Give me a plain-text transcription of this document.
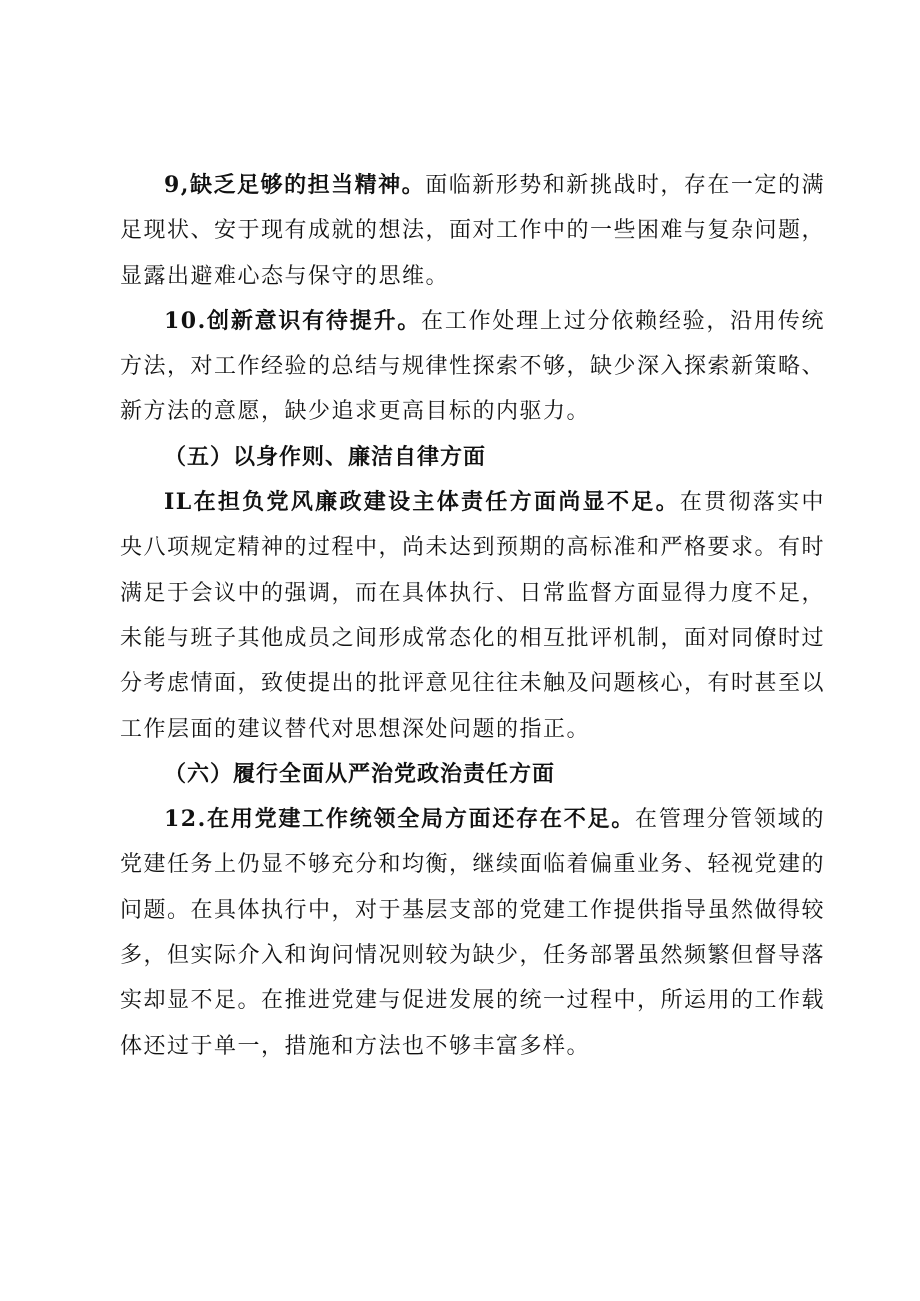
9,缺乏足够的担当精神。面临新形势和新挑战时，存在一定的满足现状、安于现有成就的想法，面对工作中的一些困难与复杂问题，显露出避难心态与保守的思维。

10.创新意识有待提升。在工作处理上过分依赖经验，沿用传统方法，对工作经验的总结与规律性探索不够，缺少深入探索新策略、新方法的意愿，缺少追求更高目标的内驱力。

（五）以身作则、廉洁自律方面

IL在担负党风廉政建设主体责任方面尚显不足。在贯彻落实中央八项规定精神的过程中，尚未达到预期的高标准和严格要求。有时满足于会议中的强调，而在具体执行、日常监督方面显得力度不足，未能与班子其他成员之间形成常态化的相互批评机制，面对同僚时过分考虑情面，致使提出的批评意见往往未触及问题核心，有时甚至以工作层面的建议替代对思想深处问题的指正。

（六）履行全面从严治党政治责任方面

12.在用党建工作统领全局方面还存在不足。在管理分管领域的党建任务上仍显不够充分和均衡，继续面临着偏重业务、轻视党建的问题。在具体执行中，对于基层支部的党建工作提供指导虽然做得较多，但实际介入和询问情况则较为缺少，任务部署虽然频繁但督导落实却显不足。在推进党建与促进发展的统一过程中，所运用的工作载体还过于单一，措施和方法也不够丰富多样。
